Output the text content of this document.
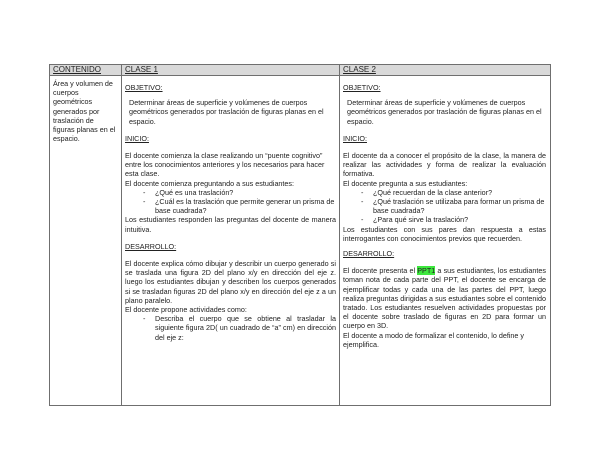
CONTENIDO	CLASE 1	CLASE 2

Área y volumen de cuerpos geométricos generados por traslación de figuras planas en el espacio.

OBJETIVO:

Determinar áreas de superficie y volúmenes de cuerpos geométricos generados por traslación de figuras planas en el espacio.

INICIO:

El docente comienza la clase realizando un “puente cognitivo” entre los conocimientos anteriores y los necesarios para hacer esta clase.

El docente comienza preguntando a sus estudiantes:

- ¿Qué es una traslación?
- ¿Cuál es la traslación que permite generar un prisma de base cuadrada?

Los estudiantes responden las preguntas del docente de manera intuitiva.

DESARROLLO:

El docente explica cómo dibujar y describir un cuerpo generado si se traslada una figura 2D del plano x/y en dirección del eje z. luego los estudiantes dibujan y describen los cuerpos generados si se trasladan figuras 2D del plano x/y en dirección del eje z a un plano paralelo.

El docente propone actividades como:

- Describa el cuerpo que se obtiene al trasladar la siguiente figura 2D( un cuadrado de “a” cm) en dirección del eje z:

OBJETIVO:

Determinar áreas de superficie y volúmenes de cuerpos geométricos generados por traslación de figuras planas en el espacio.

INICIO:

El docente da a conocer el propósito de la clase, la manera de realizar las actividades y forma de realizar la evaluación formativa.

El docente pregunta a sus estudiantes:

- ¿Qué recuerdan de la clase anterior?
- ¿Qué traslación se utilizaba para formar un prisma de base cuadrada?
- ¿Para qué sirve la traslación?

Los estudiantes con sus pares dan respuesta a estas interrogantes con conocimientos previos que recuerden.

DESARROLLO:

El docente presenta el PPT1 a sus estudiantes, los estudiantes toman nota de cada parte del PPT, el docente se encarga de ejemplificar todas y cada una de las partes del PPT, luego realiza preguntas dirigidas a sus estudiantes sobre el contenido tratado. Los estudiantes resuelven actividades propuestas por el docente sobre traslado de figuras en 2D para formar un cuerpo en 3D.

El docente a modo de formalizar el contenido, lo define y ejemplifica.
